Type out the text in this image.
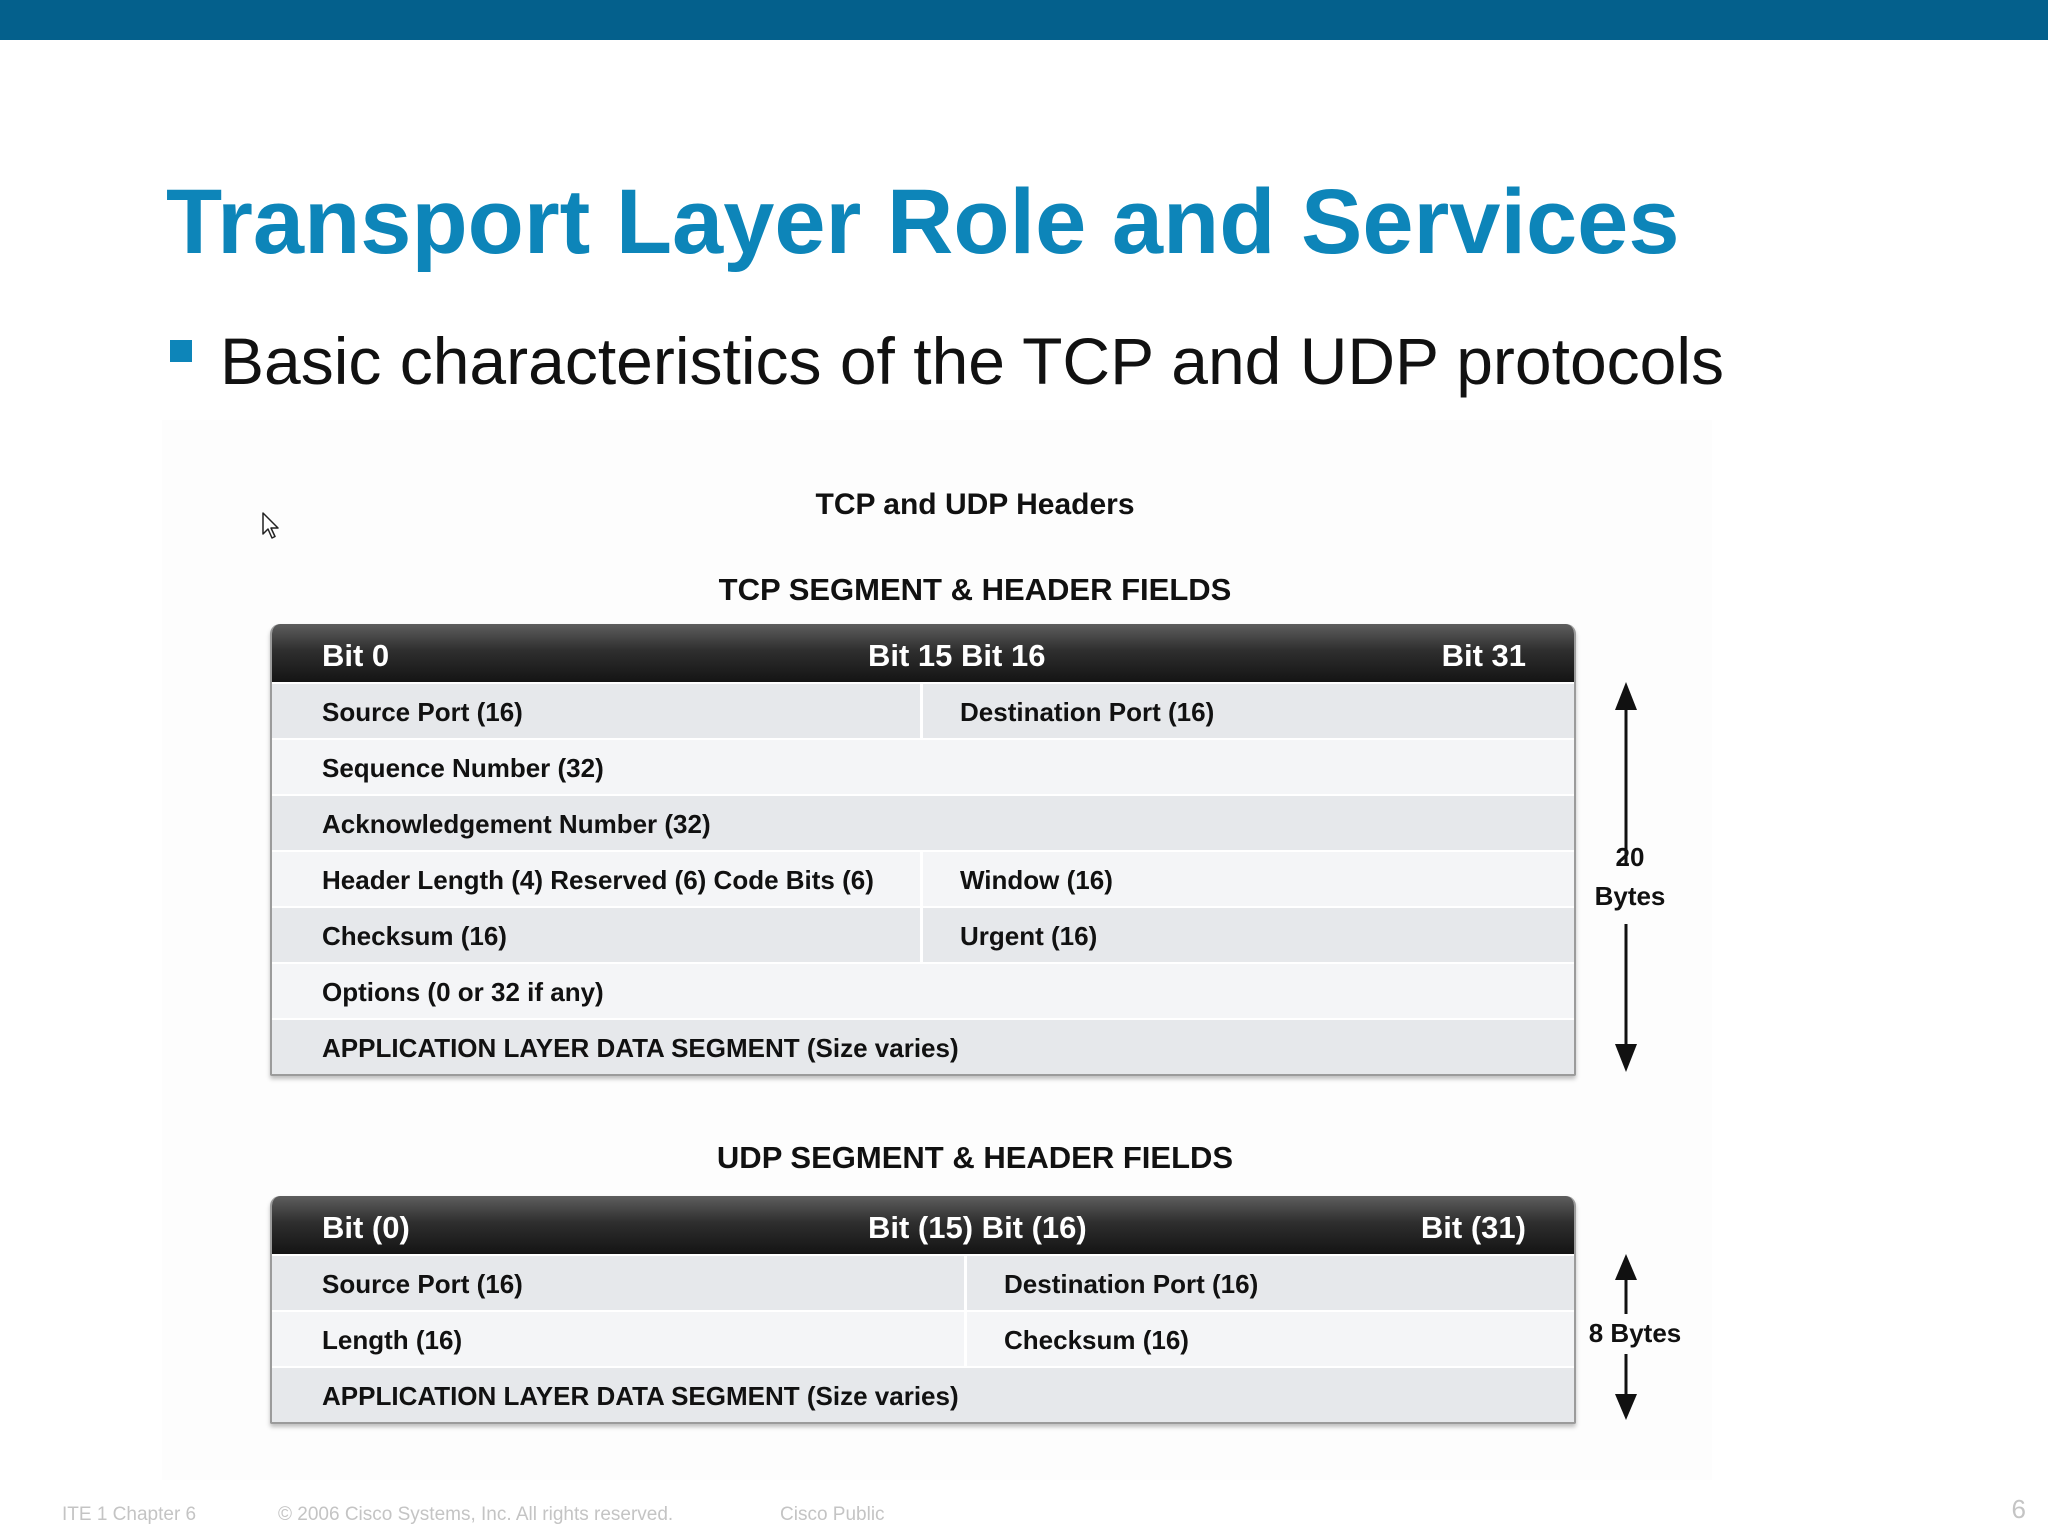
Transport Layer Role and Services
Basic characteristics of the TCP and UDP protocols
TCP and UDP Headers
TCP SEGMENT & HEADER FIELDS
Bit 0	Bit 15 Bit 16	Bit 31
Source Port (16)	Destination Port (16)
Sequence Number (32)
Acknowledgement Number (32)
Header Length (4) Reserved (6) Code Bits (6)	Window (16)
Checksum (16)	Urgent (16)
Options (0 or 32 if any)
APPLICATION LAYER DATA SEGMENT (Size varies)
20
Bytes
UDP SEGMENT & HEADER FIELDS
Bit (0)	Bit (15) Bit (16)	Bit (31)
Source Port (16)	Destination Port (16)
Length (16)	Checksum (16)
APPLICATION LAYER DATA SEGMENT (Size varies)
8 Bytes
ITE 1 Chapter 6	© 2006 Cisco Systems, Inc. All rights reserved.	Cisco Public	6
